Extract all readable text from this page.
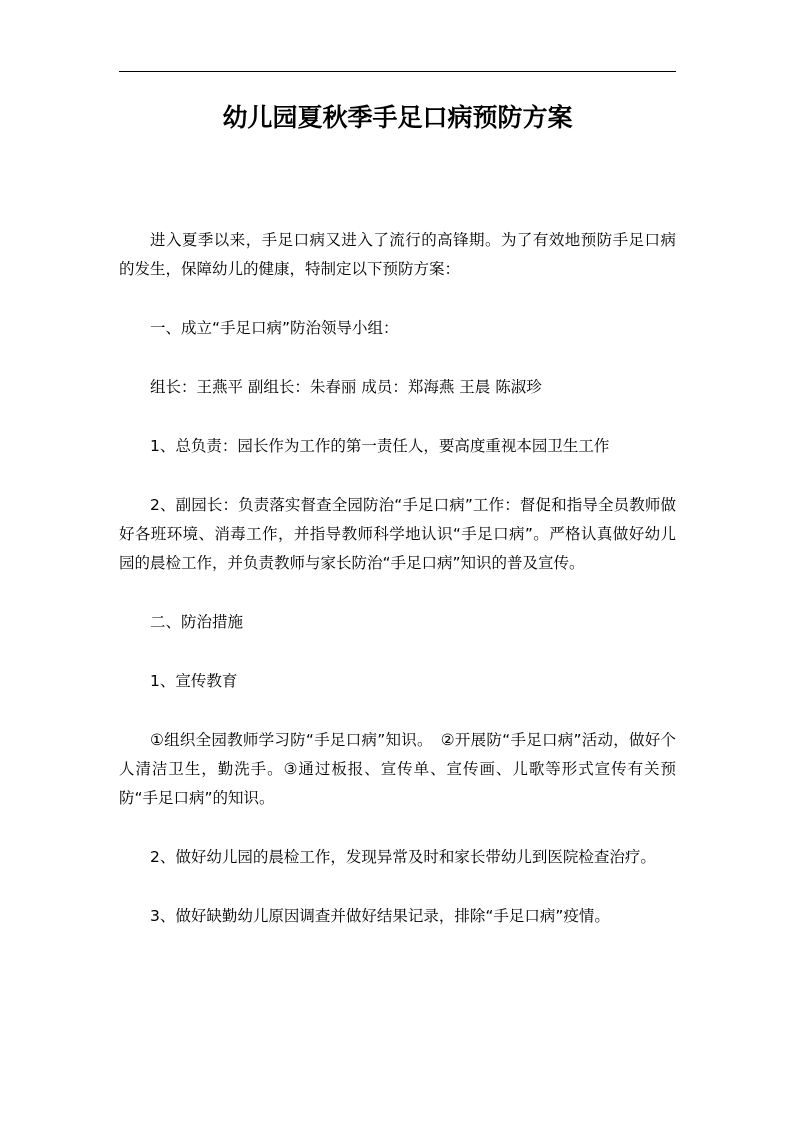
幼儿园夏秋季手足口病预防方案

进入夏季以来，手足口病又进入了流行的高锋期。为了有效地预防手足口病的发生，保障幼儿的健康，特制定以下预防方案：

一、成立“手足口病”防治领导小组：

组长：王燕平 副组长：朱春丽 成员：郑海燕 王晨 陈淑珍

1、总负责：园长作为工作的第一责任人，要高度重视本园卫生工作

2、副园长：负责落实督查全园防治“手足口病”工作：督促和指导全员教师做好各班环境、消毒工作，并指导教师科学地认识“手足口病”。严格认真做好幼儿园的晨检工作，并负责教师与家长防治“手足口病”知识的普及宣传。

二、防治措施

1、宣传教育

①组织全园教师学习防“手足口病”知识。　②开展防“手足口病”活动，做好个人清洁卫生，勤洗手。③通过板报、宣传单、宣传画、儿歌等形式宣传有关预防“手足口病”的知识。

2、做好幼儿园的晨检工作，发现异常及时和家长带幼儿到医院检查治疗。

3、做好缺勤幼儿原因调查并做好结果记录，排除“手足口病”疫情。
